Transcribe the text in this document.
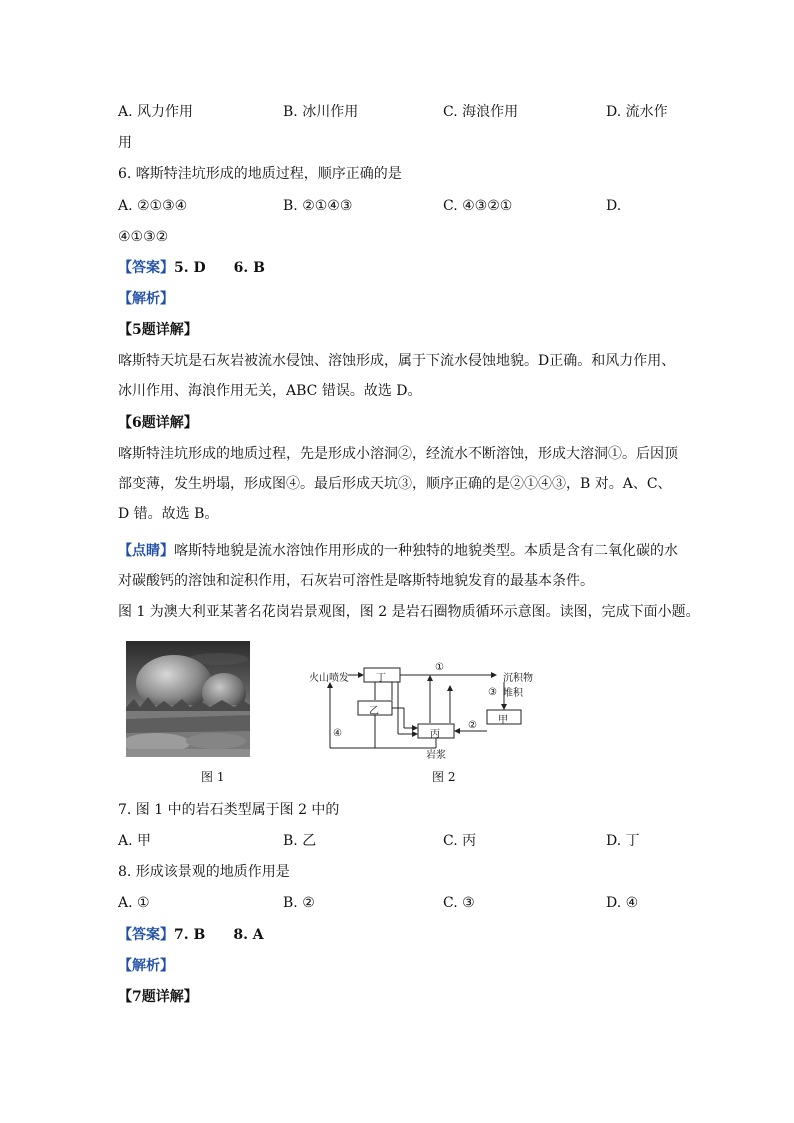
A. 风力作用	B. 冰川作用	C. 海浪作用	D. 流水作
用
6. 喀斯特洼坑形成的地质过程，顺序正确的是
A. ②①③④	B. ②①④③	C. ④③②①	D.
④①③②
【答案】5. D　　6. B
【解析】
【5题详解】
喀斯特天坑是石灰岩被流水侵蚀、溶蚀形成，属于下流水侵蚀地貌。D正确。和风力作用、冰川作用、海浪作用无关，ABC 错误。故选 D。
【6题详解】
喀斯特洼坑形成的地质过程，先是形成小溶洞②，经流水不断溶蚀，形成大溶洞①。后因顶部变薄，发生坍塌，形成图④。最后形成天坑③，顺序正确的是②①④③，B 对。A、C、D 错。故选 B。
【点睛】喀斯特地貌是流水溶蚀作用形成的一种独特的地貌类型。本质是含有二氧化碳的水对碳酸钙的溶蚀和淀积作用，石灰岩可溶性是喀斯特地貌发育的最基本条件。
图 1 为澳大利亚某著名花岗岩景观图，图 2 是岩石圈物质循环示意图。读图，完成下面小题。
图 1
火山喷发	丁
①
沉积物堆积
③
乙
甲
②
丙
④
岩浆
图 2
7. 图 1 中的岩石类型属于图 2 中的
A. 甲	B. 乙	C. 丙	D. 丁
8. 形成该景观的地质作用是
A. ①	B. ②	C. ③	D. ④
【答案】7. B　　8. A
【解析】
【7题详解】
